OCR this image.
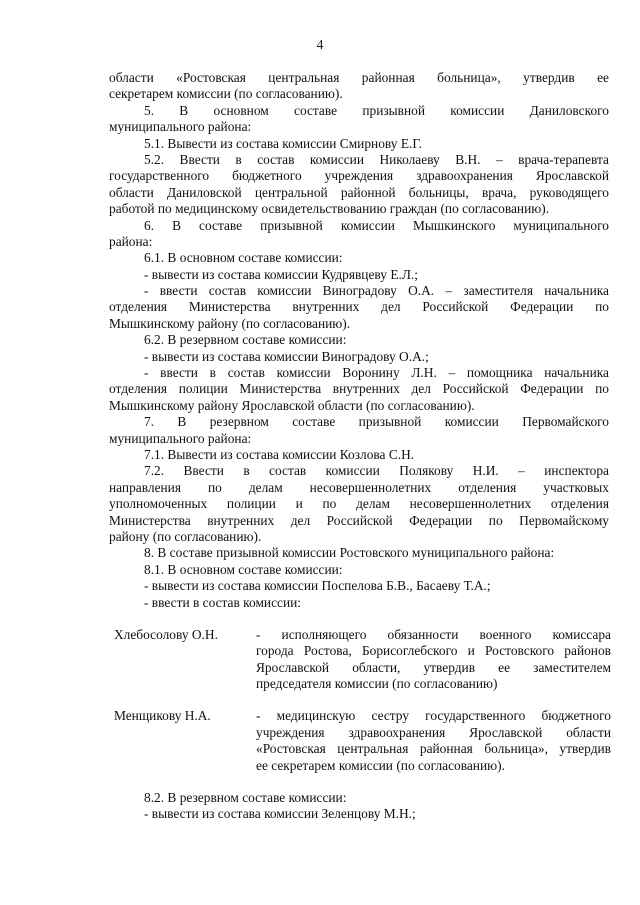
4
области «Ростовская центральная районная больница», утвердив ее
секретарем комиссии (по согласованию).
5. В основном составе призывной комиссии Даниловского
муниципального района:
5.1. Вывести из состава комиссии Смирнову Е.Г.
5.2. Ввести в состав комиссии Николаеву В.Н. – врача-терапевта
государственного бюджетного учреждения здравоохранения Ярославской
области Даниловской центральной районной больницы, врача, руководящего
работой по медицинскому освидетельствованию граждан (по согласованию).
6. В составе призывной комиссии Мышкинского муниципального
района:
6.1. В основном составе комиссии:
- вывести из состава комиссии Кудрявцеву Е.Л.;
- ввести состав комиссии Виноградову О.А. – заместителя начальника
отделения Министерства внутренних дел Российской Федерации по
Мышкинскому району (по согласованию).
6.2. В резервном составе комиссии:
- вывести из состава комиссии Виноградову О.А.;
- ввести в состав комиссии Воронину Л.Н. – помощника начальника
отделения полиции Министерства внутренних дел Российской Федерации по
Мышкинскому району Ярославской области (по согласованию).
7. В резервном составе призывной комиссии Первомайского
муниципального района:
7.1. Вывести из состава комиссии Козлова С.Н.
7.2. Ввести в состав комиссии Полякову Н.И. – инспектора
направления по делам несовершеннолетних отделения участковых
уполномоченных полиции и по делам несовершеннолетних отделения
Министерства внутренних дел Российской Федерации по Первомайскому
району (по согласованию).
8. В составе призывной комиссии Ростовского муниципального района:
8.1. В основном составе комиссии:
- вывести из состава комиссии Поспелова Б.В., Басаеву Т.А.;
- ввести в состав комиссии:
Хлебосолову О.Н.	- исполняющего обязанности военного комиссара
города Ростова, Борисоглебского и Ростовского районов
Ярославской области, утвердив ее заместителем
председателя комиссии (по согласованию)
Менщикову Н.А.	- медицинскую сестру государственного бюджетного
учреждения здравоохранения Ярославской области
«Ростовская центральная районная больница», утвердив
ее секретарем комиссии (по согласованию).
8.2. В резервном составе комиссии:
- вывести из состава комиссии Зеленцову М.Н.;
